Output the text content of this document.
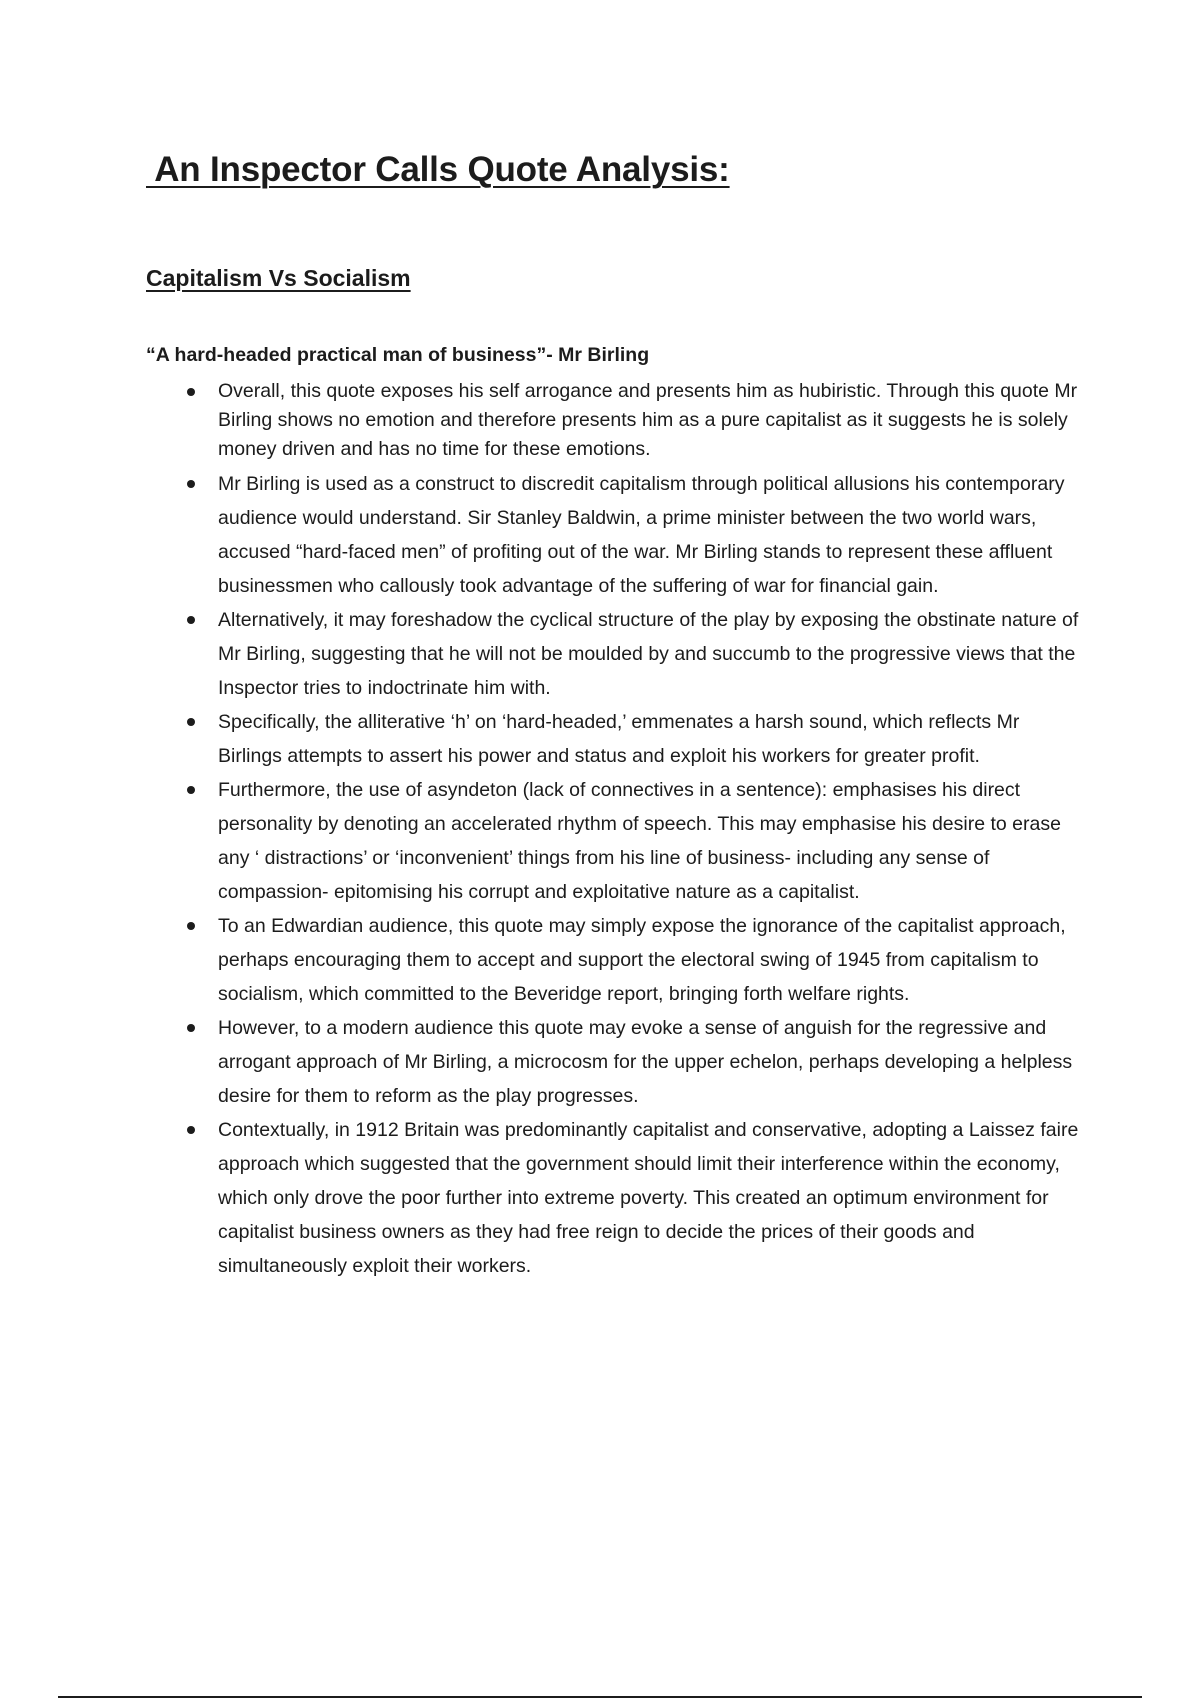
An Inspector Calls Quote Analysis:
Capitalism Vs Socialism

“A hard-headed practical man of business”- Mr Birling

Overall, this quote exposes his self arrogance and presents him as hubiristic. Through this quote Mr Birling shows no emotion and therefore presents him as a pure capitalist as it suggests he is solely money driven and has no time for these emotions.
Mr Birling is used as a construct to discredit capitalism through political allusions his contemporary audience would understand. Sir Stanley Baldwin, a prime minister between the two world wars, accused “hard-faced men” of profiting out of the war. Mr Birling stands to represent these affluent businessmen who callously took advantage of the suffering of war for financial gain.
Alternatively, it may foreshadow the cyclical structure of the play by exposing the obstinate nature of Mr Birling, suggesting that he will not be moulded by and succumb to the progressive views that the Inspector tries to indoctrinate him with.
Specifically, the alliterative ‘h’ on ‘hard-headed,’ emmenates a harsh sound, which reflects Mr Birlings attempts to assert his power and status and exploit his workers for greater profit.
Furthermore, the use of asyndeton (lack of connectives in a sentence): emphasises his direct personality by denoting an accelerated rhythm of speech. This may emphasise his desire to erase any ‘ distractions’ or ‘inconvenient’ things from his line of business- including any sense of compassion- epitomising his corrupt and exploitative nature as a capitalist.
To an Edwardian audience, this quote may simply expose the ignorance of the capitalist approach, perhaps encouraging them to accept and support the electoral swing of 1945 from capitalism to socialism, which committed to the Beveridge report, bringing forth welfare rights.
However, to a modern audience this quote may evoke a sense of anguish for the regressive and arrogant approach of Mr Birling, a microcosm for the upper echelon, perhaps developing a helpless desire for them to reform as the play progresses.
Contextually, in 1912 Britain was predominantly capitalist and conservative, adopting a Laissez faire approach which suggested that the government should limit their interference within the economy, which only drove the poor further into extreme poverty. This created an optimum environment for capitalist business owners as they had free reign to decide the prices of their goods and simultaneously exploit their workers.
